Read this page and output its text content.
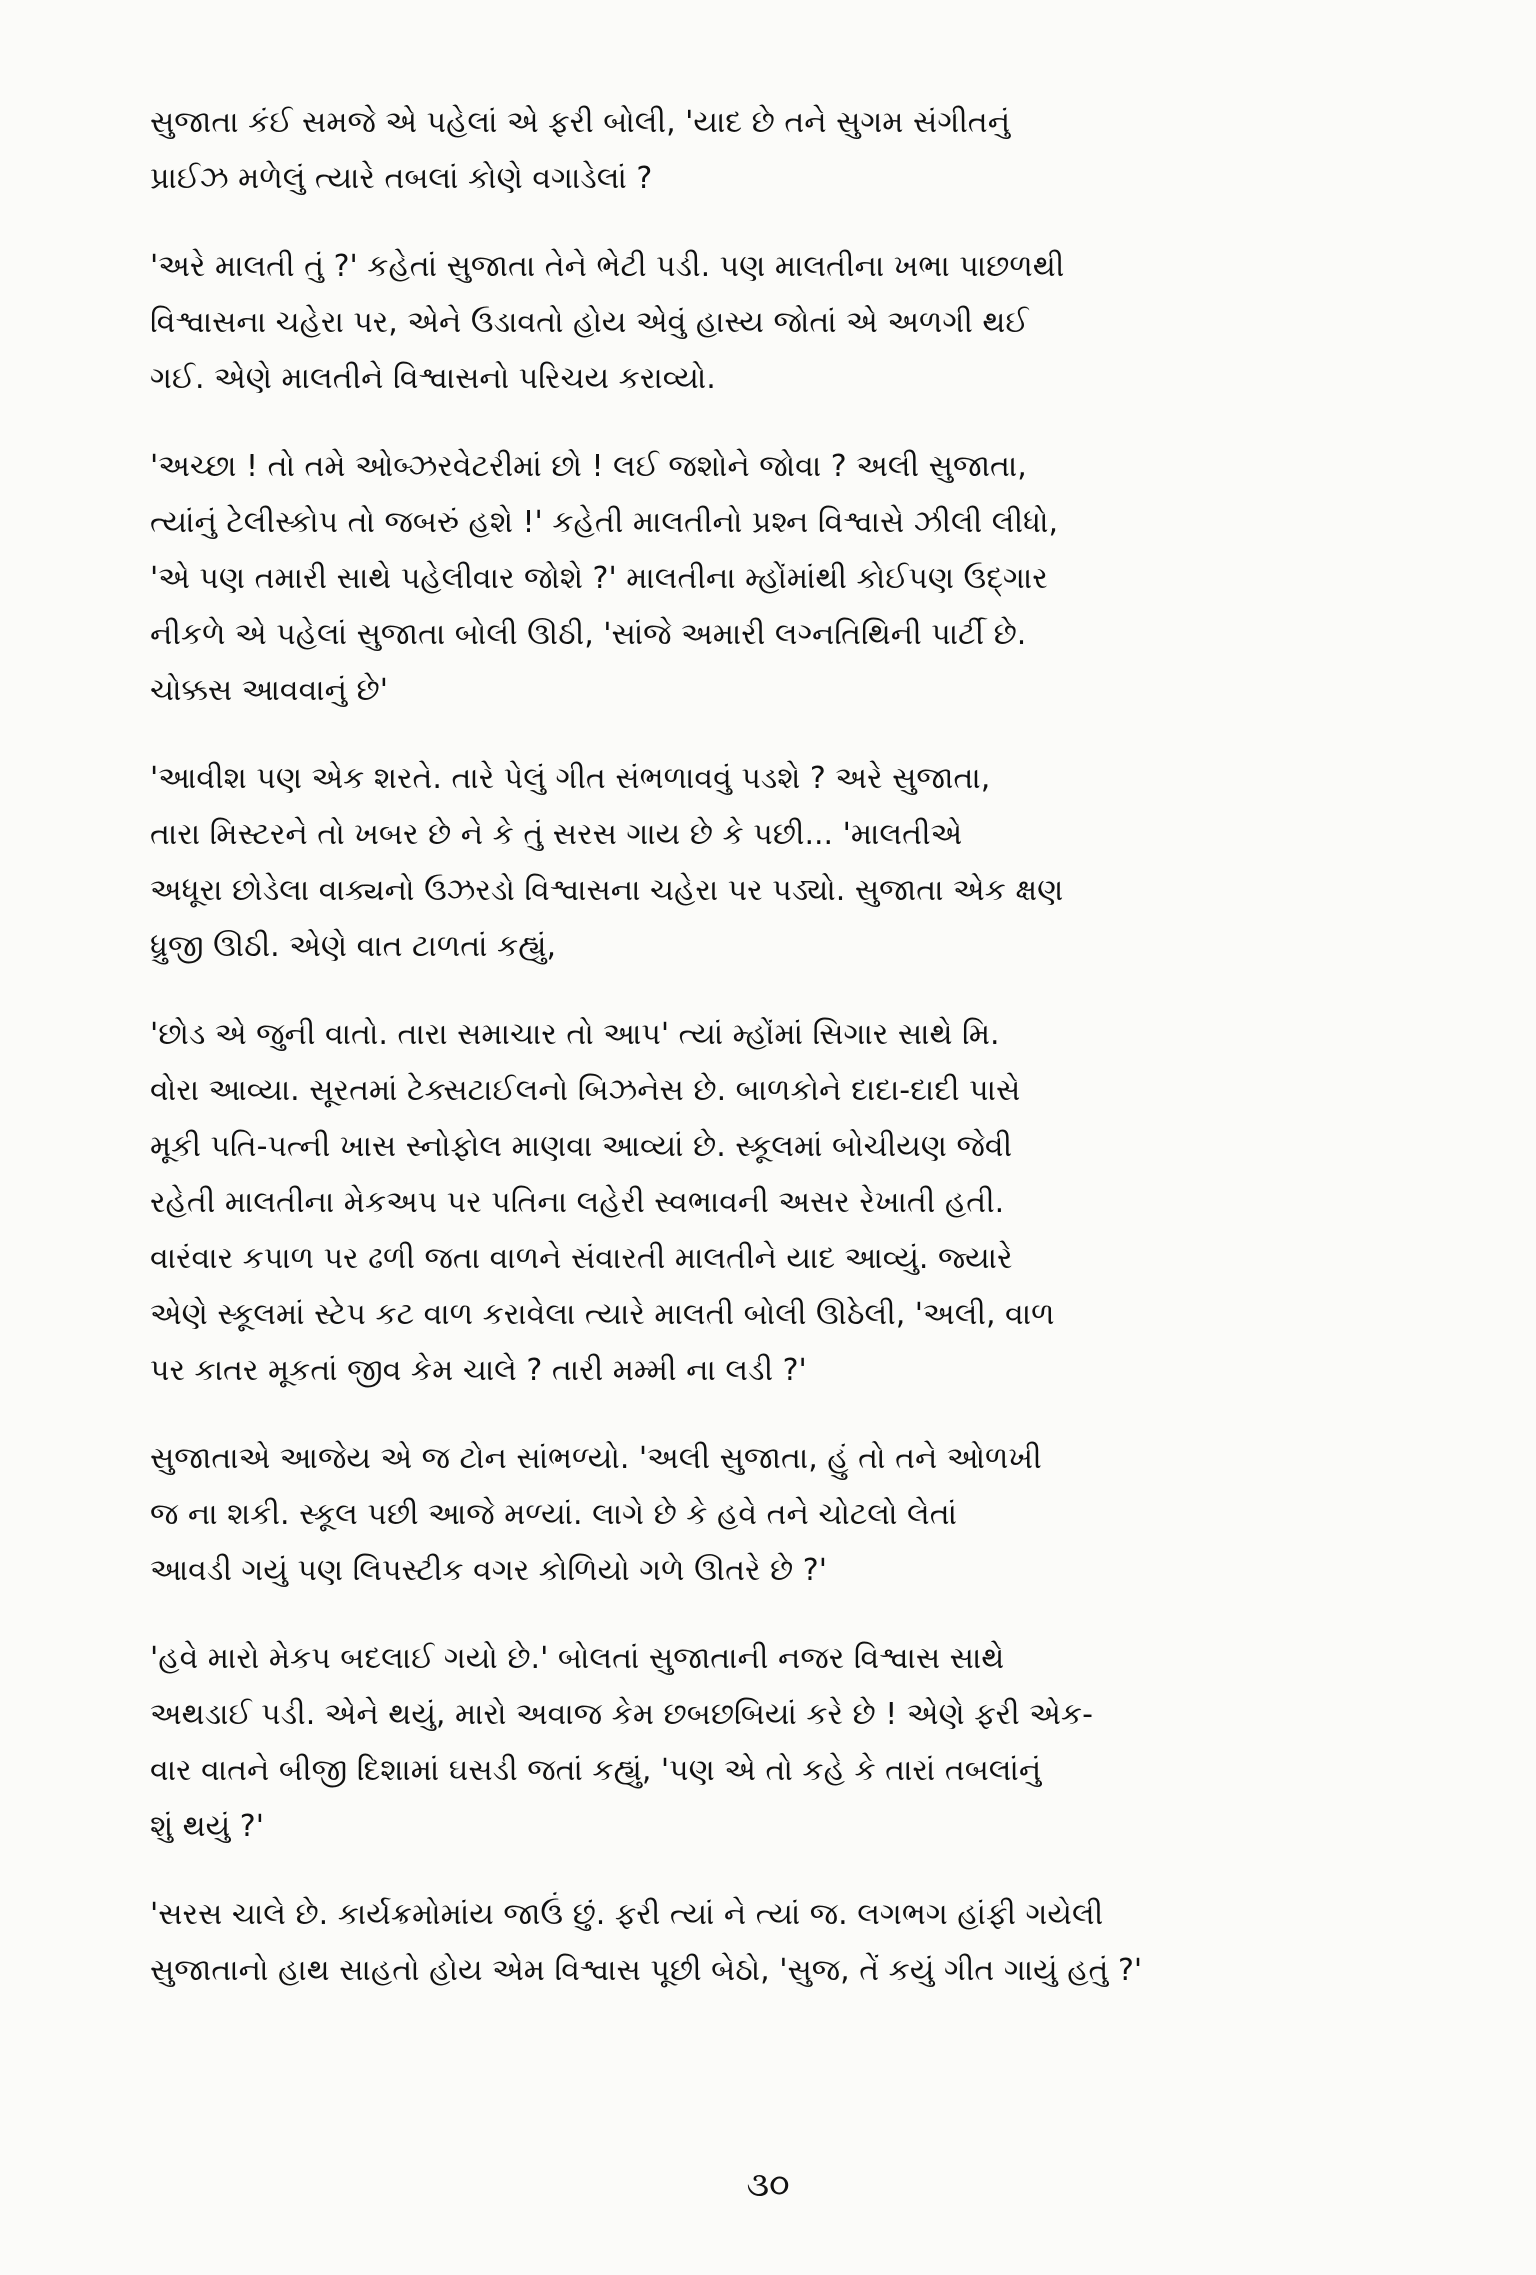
સુજાતા કંઈ સમજે એ પહેલાં એ ફરી બોલી, 'યાદ છે તને સુગમ સંગીતનું
પ્રાઈઝ મળેલું ત્યારે તબલાં કોણે વગાડેલાં ?

'અરે માલતી તું ?' કહેતાં સુજાતા તેને ભેટી પડી. પણ માલતીના ખભા પાછળથી
વિશ્વાસના ચહેરા પર, એને ઉડાવતો હોય એવું હાસ્ય જોતાં એ અળગી થઈ
ગઈ. એણે માલતીને વિશ્વાસનો પરિચય કરાવ્યો.

'અચ્છા ! તો તમે ઓબ્ઝરવેટરીમાં છો ! લઈ જશોને જોવા ? અલી સુજાતા,
ત્યાંનું ટેલીસ્કોપ તો જબરું હશે !' કહેતી માલતીનો પ્રશ્ન વિશ્વાસે ઝીલી લીધો,
'એ પણ તમારી સાથે પહેલીવાર જોશે ?' માલતીના મ્હોંમાંથી કોઈપણ ઉદ્ગાર
નીકળે એ પહેલાં સુજાતા બોલી ઊઠી, 'સાંજે અમારી લગ્નતિથિની પાર્ટી છે.
ચોક્કસ આવવાનું છે'

'આવીશ પણ એક શરતે. તારે પેલું ગીત સંભળાવવું પડશે ? અરે સુજાતા,
તારા મિસ્ટરને તો ખબર છે ને કે તું સરસ ગાય છે કે પછી... 'માલતીએ
અધૂરા છોડેલા વાક્યનો ઉઝરડો વિશ્વાસના ચહેરા પર પડ્યો. સુજાતા એક ક્ષણ
ધ્રુજી ઊઠી. એણે વાત ટાળતાં કહ્યું,

'છોડ એ જુની વાતો. તારા સમાચાર તો આપ' ત્યાં મ્હોંમાં સિગાર સાથે મિ.
વોરા આવ્યા. સૂરતમાં ટેક્સટાઈલનો બિઝનેસ છે. બાળકોને દાદા-દાદી પાસે
મૂકી પતિ-પત્ની ખાસ સ્નોફોલ માણવા આવ્યાં છે. સ્કૂલમાં બોચીયણ જેવી
રહેતી માલતીના મેકઅપ પર પતિના લહેરી સ્વભાવની અસર રેખાતી હતી.
વારંવાર કપાળ પર ઢળી જતા વાળને સંવારતી માલતીને યાદ આવ્યું. જ્યારે
એણે સ્કૂલમાં સ્ટેપ કટ વાળ કરાવેલા ત્યારે માલતી બોલી ઊઠેલી, 'અલી, વાળ
પર કાતર મૂકતાં જીવ કેમ ચાલે ? તારી મમ્મી ના લડી ?'

સુજાતાએ આજેય એ જ ટોન સાંભળ્યો. 'અલી સુજાતા, હું તો તને ઓળખી
જ ના શકી. સ્કૂલ પછી આજે મળ્યાં. લાગે છે કે હવે તને ચોટલો લેતાં
આવડી ગયું પણ લિપસ્ટીક વગર કોળિયો ગળે ઊતરે છે ?'

'હવે મારો મેકપ બદલાઈ ગયો છે.' બોલતાં સુજાતાની નજર વિશ્વાસ સાથે
અથડાઈ પડી. એને થયું, મારો અવાજ કેમ છબછબિયાં કરે છે ! એણે ફરી એક-
વાર વાતને બીજી દિશામાં ઘસડી જતાં કહ્યું, 'પણ એ તો કહે કે તારાં તબલાંનું
શું થયું ?'

'સરસ ચાલે છે. કાર્યક્રમોમાંય જાઉં છું. ફરી ત્યાં ને ત્યાં જ. લગભગ હાંફી ગયેલી
સુજાતાનો હાથ સાહતો હોય એમ વિશ્વાસ પૂછી બેઠો, 'સુજ, તેં કયું ગીત ગાયું હતું ?'

૩૦
